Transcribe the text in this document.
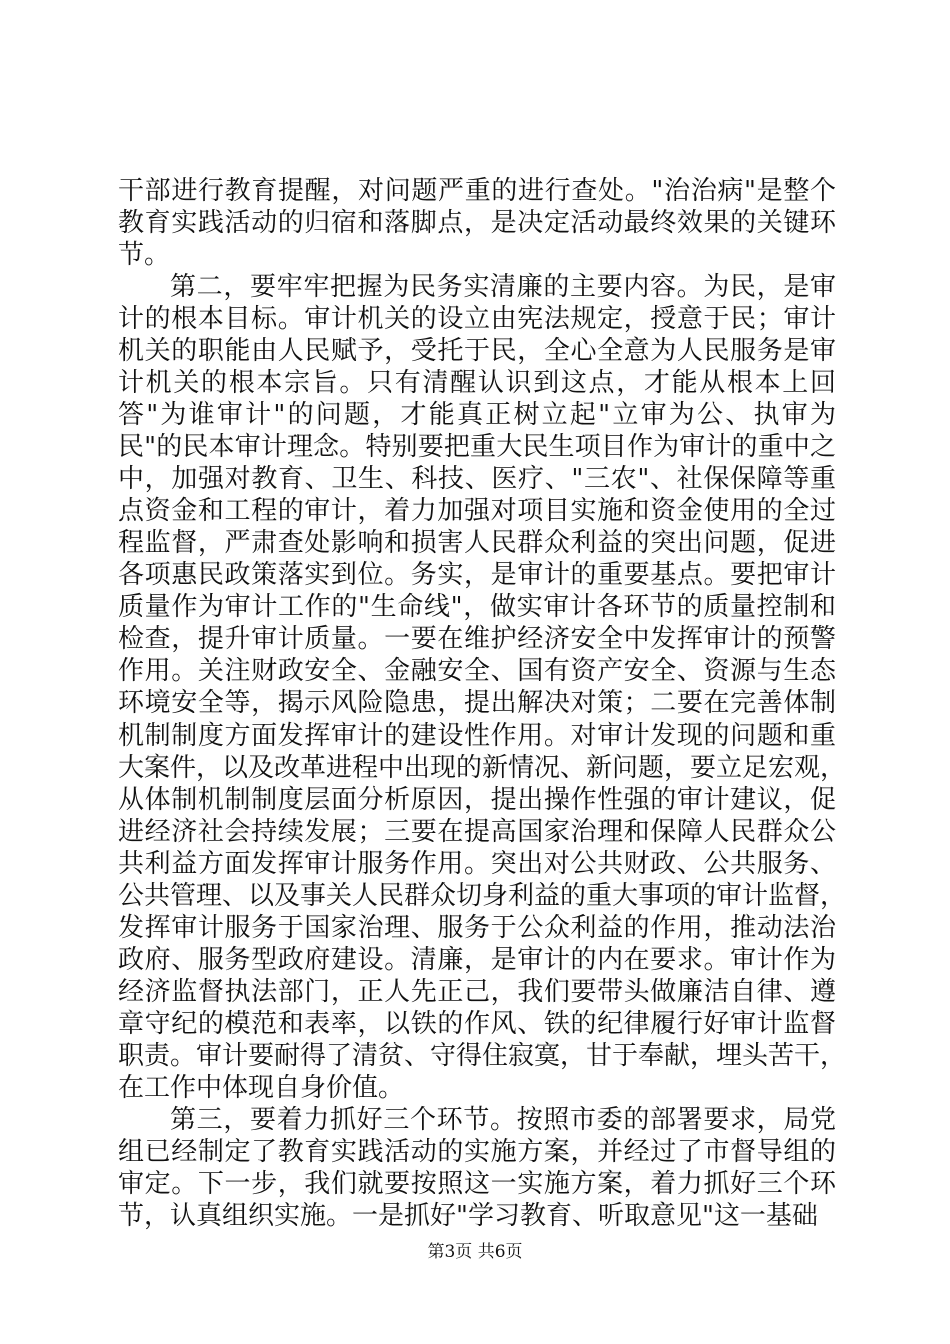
干部进行教育提醒，对问题严重的进行查处。"治治病"是整个
教育实践活动的归宿和落脚点，是决定活动最终效果的关键环
节。
第二，要牢牢把握为民务实清廉的主要内容。为民，是审
计的根本目标。审计机关的设立由宪法规定，授意于民；审计
机关的职能由人民赋予，受托于民，全心全意为人民服务是审
计机关的根本宗旨。只有清醒认识到这点，才能从根本上回
答"为谁审计"的问题，才能真正树立起"立审为公、执审为
民"的民本审计理念。特别要把重大民生项目作为审计的重中之
中，加强对教育、卫生、科技、医疗、"三农"、社保保障等重
点资金和工程的审计，着力加强对项目实施和资金使用的全过
程监督，严肃查处影响和损害人民群众利益的突出问题，促进
各项惠民政策落实到位。务实，是审计的重要基点。要把审计
质量作为审计工作的"生命线"，做实审计各环节的质量控制和
检查，提升审计质量。一要在维护经济安全中发挥审计的预警
作用。关注财政安全、金融安全、国有资产安全、资源与生态
环境安全等，揭示风险隐患，提出解决对策；二要在完善体制
机制制度方面发挥审计的建设性作用。对审计发现的问题和重
大案件，以及改革进程中出现的新情况、新问题，要立足宏观，
从体制机制制度层面分析原因，提出操作性强的审计建议，促
进经济社会持续发展；三要在提高国家治理和保障人民群众公
共利益方面发挥审计服务作用。突出对公共财政、公共服务、
公共管理、以及事关人民群众切身利益的重大事项的审计监督，
发挥审计服务于国家治理、服务于公众利益的作用，推动法治
政府、服务型政府建设。清廉，是审计的内在要求。审计作为
经济监督执法部门，正人先正己，我们要带头做廉洁自律、遵
章守纪的模范和表率，以铁的作风、铁的纪律履行好审计监督
职责。审计要耐得了清贫、守得住寂寞，甘于奉献，埋头苦干，
在工作中体现自身价值。
第三，要着力抓好三个环节。按照市委的部署要求，局党
组已经制定了教育实践活动的实施方案，并经过了市督导组的
审定。下一步，我们就要按照这一实施方案，着力抓好三个环
节，认真组织实施。一是抓好"学习教育、听取意见"这一基础
第3页 共6页
